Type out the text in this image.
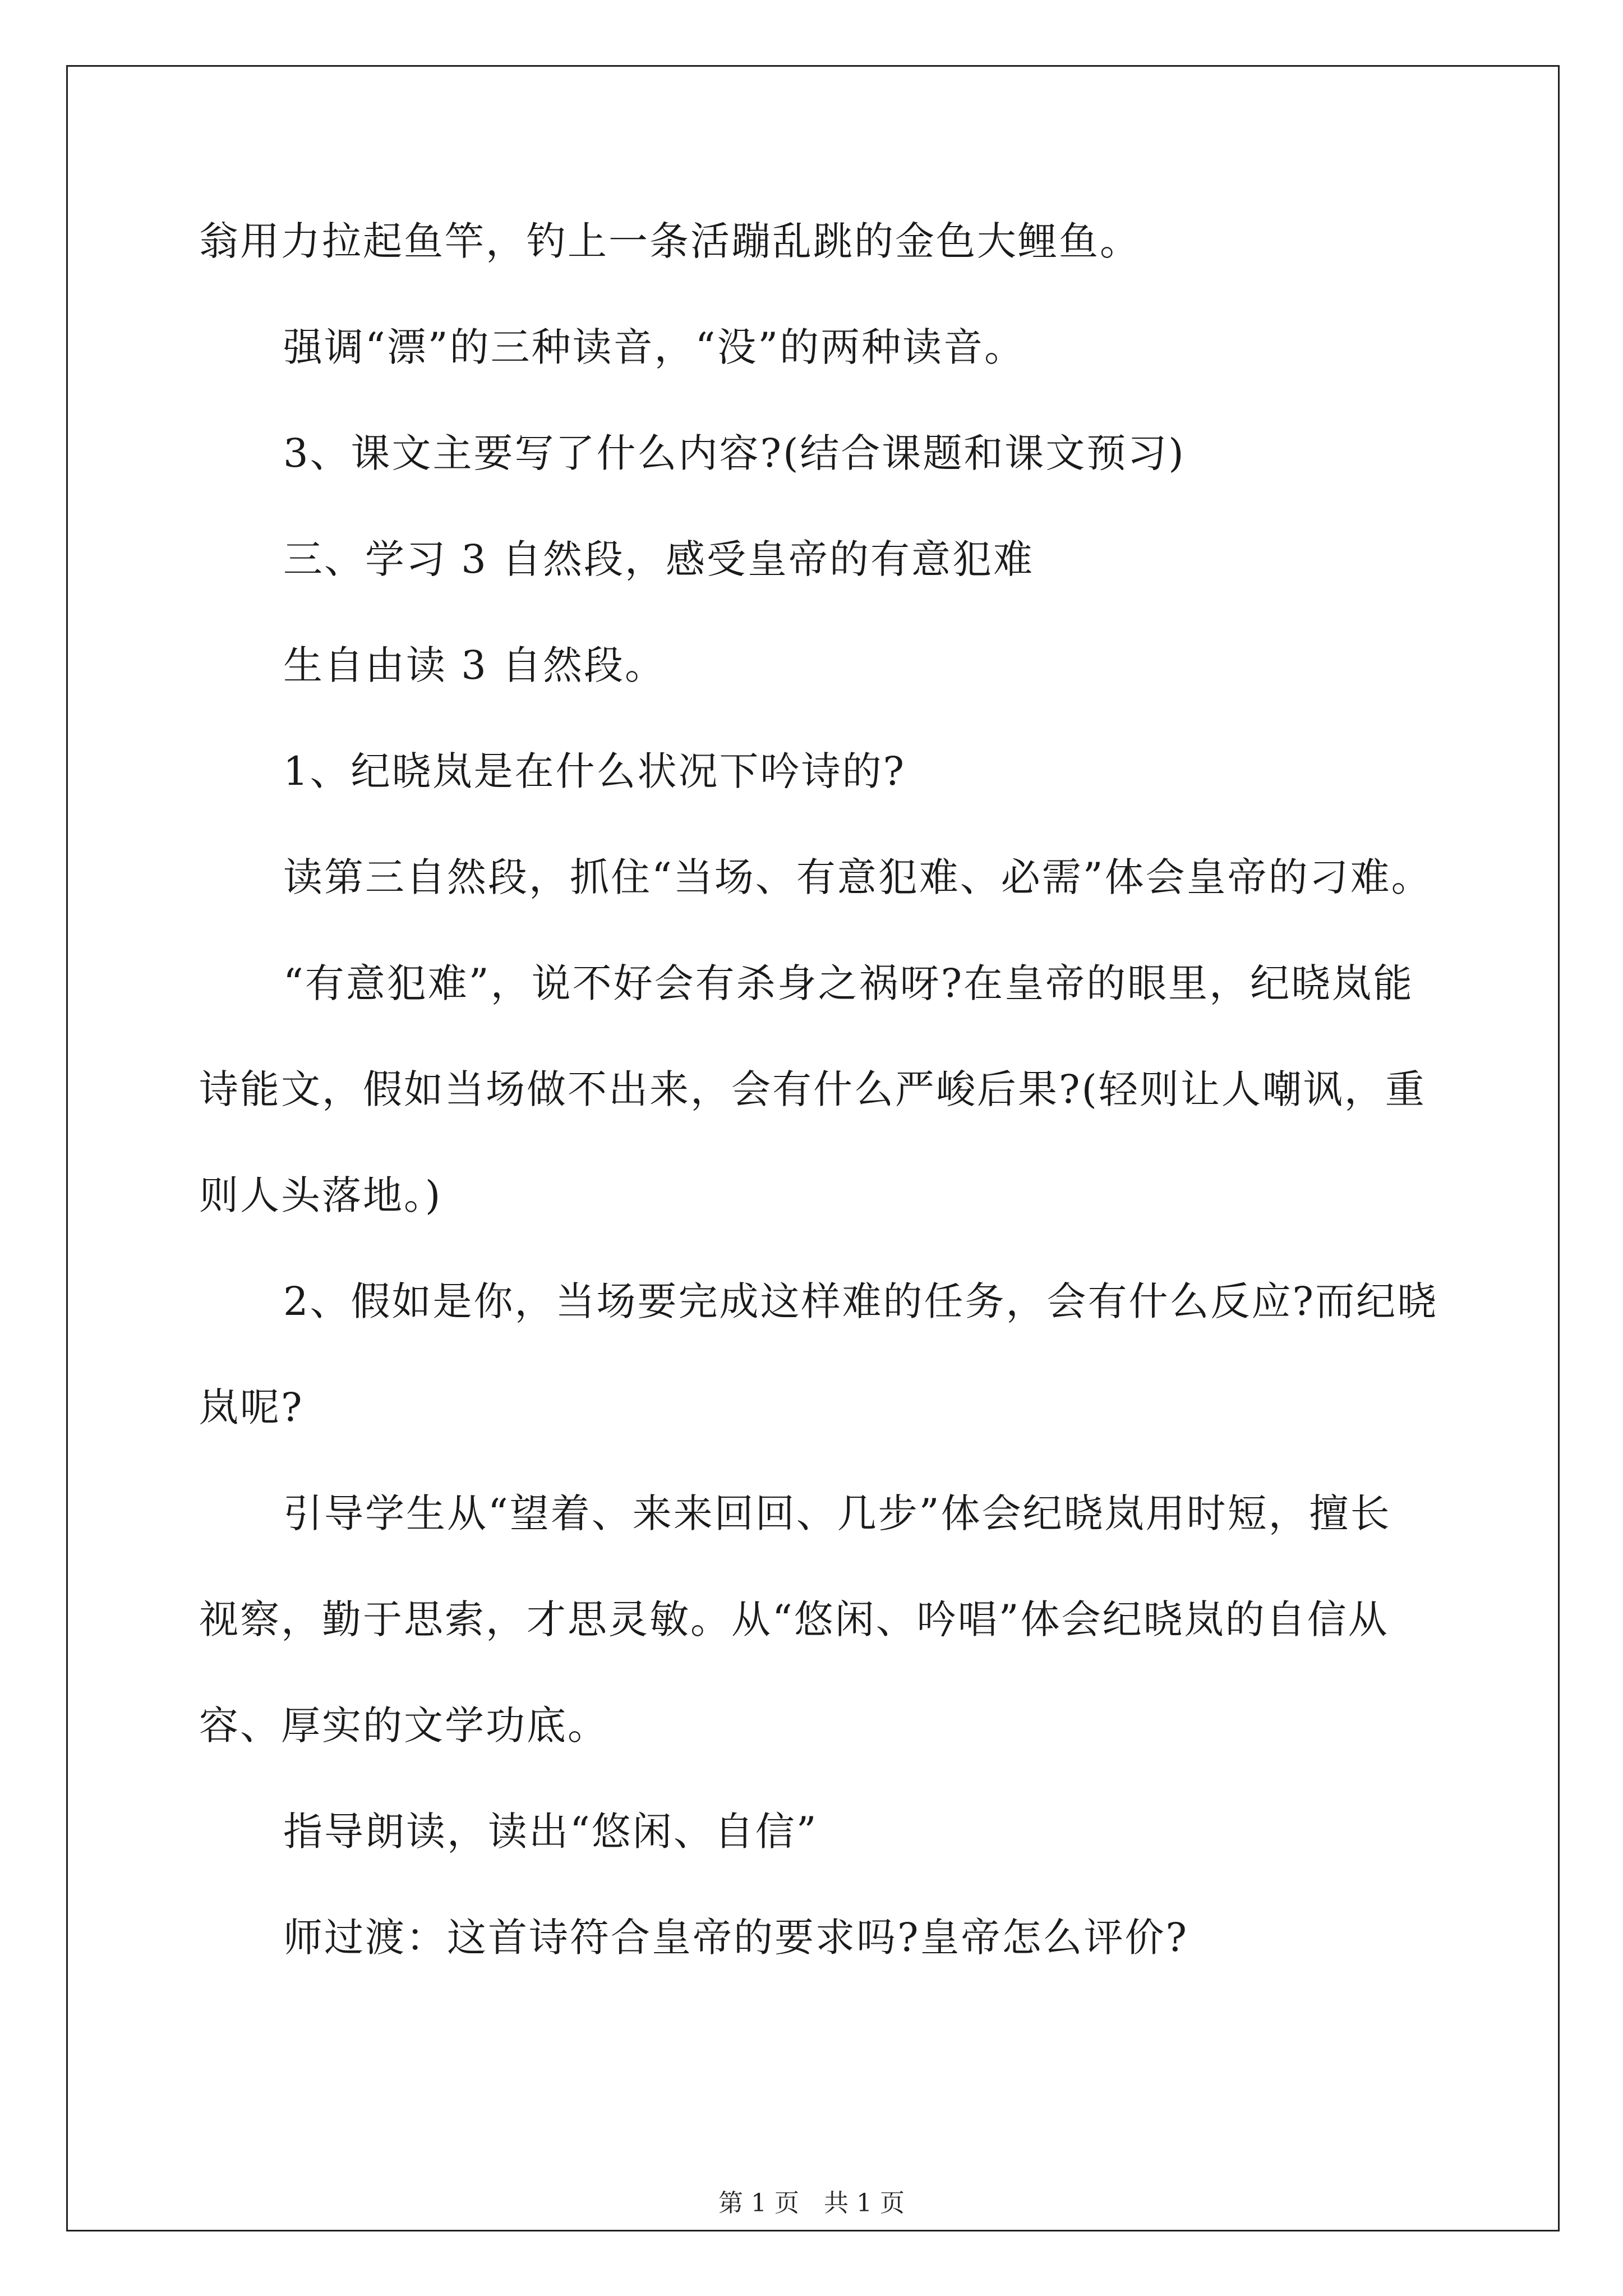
翁用力拉起鱼竿，钓上一条活蹦乱跳的金色大鲤鱼。
强调“漂”的三种读音，“没”的两种读音。
3、课文主要写了什么内容?(结合课题和课文预习)
三、学习 3 自然段，感受皇帝的有意犯难
生自由读 3 自然段。
1、纪晓岚是在什么状况下吟诗的?
读第三自然段，抓住“当场、有意犯难、必需”体会皇帝的刁难。
“有意犯难”，说不好会有杀身之祸呀?在皇帝的眼里，纪晓岚能
诗能文，假如当场做不出来，会有什么严峻后果?(轻则让人嘲讽，重
则人头落地。)
2、假如是你，当场要完成这样难的任务，会有什么反应?而纪晓
岚呢?
引导学生从“望着、来来回回、几步”体会纪晓岚用时短，擅长
视察，勤于思索，才思灵敏。从“悠闲、吟唱”体会纪晓岚的自信从
容、厚实的文学功底。
指导朗读，读出“悠闲、自信”
师过渡：这首诗符合皇帝的要求吗?皇帝怎么评价?
第 1 页　共 1 页
